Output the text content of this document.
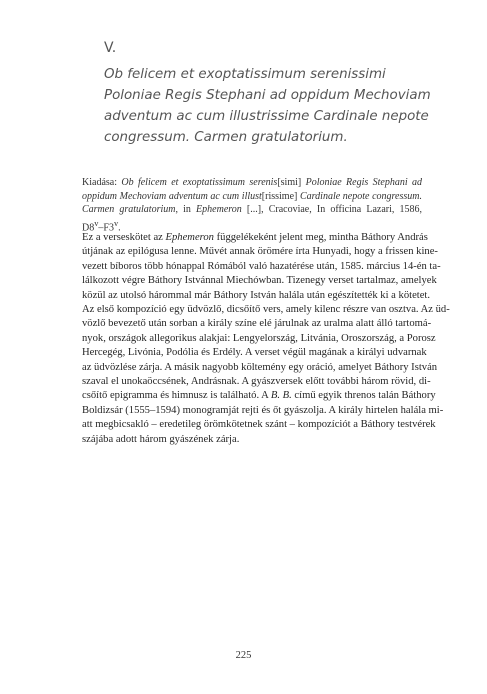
V.
Ob felicem et exoptatissimum serenissimi
Poloniae Regis Stephani ad oppidum Mechoviam
adventum ac cum illustrissime Cardinale nepote
congressum. Carmen gratulatorium.

Kiadása: Ob felicem et exoptatissimum serenis[simi] Poloniae Regis Stephani ad oppidum Mechoviam adventum ac cum illust[rissime] Cardinale nepote congressum. Carmen gratulatorium, in Ephemeron [...], Cracoviae, In officina Lazari, 1586, D8$^v$–F3$^v$.

Ez a verseskötet az Ephemeron függelékeként jelent meg, mintha Báthory András
útjának az epilógusa lenne. Művét annak örömére írta Hunyadi, hogy a frissen kine-
vezett bíboros több hónappal Rómából való hazatérése után, 1585. március 14-én ta-
lálkozott végre Báthory Istvánnal Miechówban. Tizenegy verset tartalmaz, amelyek
közül az utolsó hárommal már Báthory István halála után egészítették ki a kötetet.
Az első kompozíció egy üdvözlő, dicsőítő vers, amely kilenc részre van osztva. Az üd-
vözlő bevezető után sorban a király színe elé járulnak az uralma alatt álló tartomá-
nyok, országok allegorikus alakjai: Lengyelország, Litvánia, Oroszország, a Porosz
Hercegég, Livónia, Podólia és Erdély. A verset végül magának a királyi udvarnak
az üdvözlése zárja. A másik nagyobb költemény egy oráció, amelyet Báthory István
szaval el unokaöccsének, Andrásnak. A gyászversek előtt további három rövid, di-
csőítő epigramma és himnusz is található. A B. B. című egyik threnos talán Báthory
Boldizsár (1555–1594) monogramját rejti és őt gyászolja. A király hirtelen halála mi-
att megbicsakló – eredetileg örömkötetnek szánt – kompozíciót a Báthory testvérek
szájába adott három gyászének zárja.
225
